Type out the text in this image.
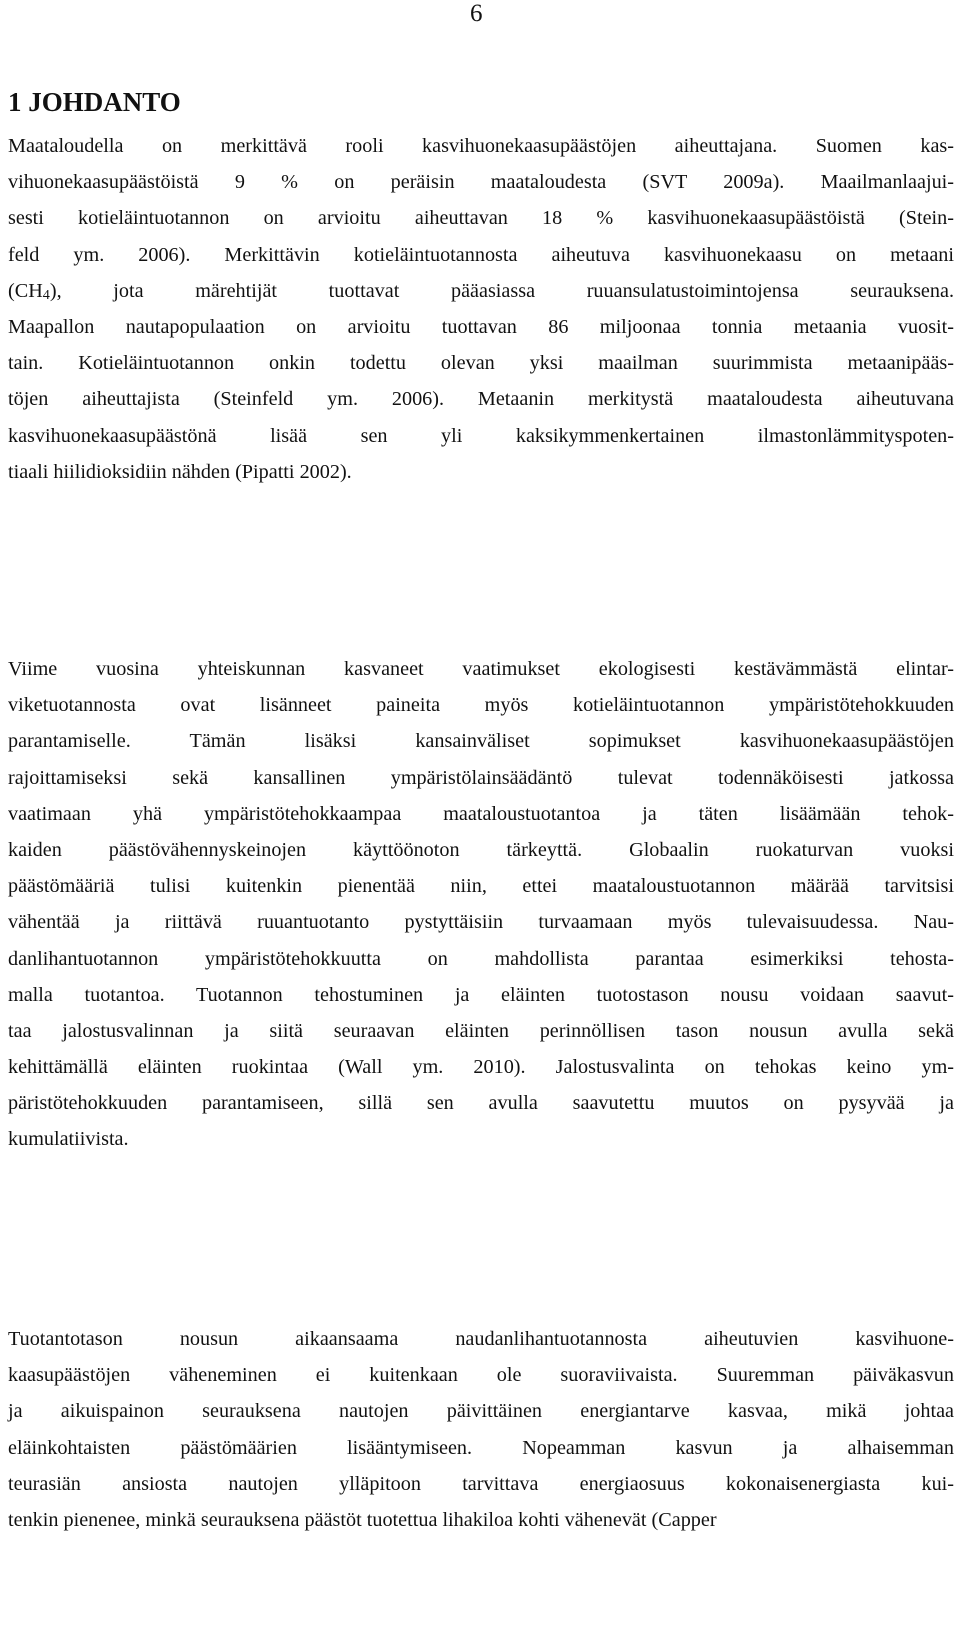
6
1 JOHDANTO
Maataloudella on merkittävä rooli kasvihuonekaasupäästöjen aiheuttajana. Suomen kas-
vihuonekaasupäästöistä 9 % on peräisin maataloudesta (SVT 2009a). Maailmanlaajui-
sesti kotieläintuotannon on arvioitu aiheuttavan 18 % kasvihuonekaasupäästöistä (Stein-
feld ym. 2006). Merkittävin kotieläintuotannosta aiheutuva kasvihuonekaasu on metaani
$(CH_4)$, jota märehtijät tuottavat pääasiassa ruuansulatustoimintojensa seurauksena.
Maapallon nautapopulaation on arvioitu tuottavan 86 miljoonaa tonnia metaania vuosit-
tain. Kotieläintuotannon onkin todettu olevan yksi maailman suurimmista metaanipääs-
töjen aiheuttajista (Steinfeld ym. 2006). Metaanin merkitystä maataloudesta aiheutuvana
kasvihuonekaasupäästönä lisää sen yli kaksikymmenkertainen ilmastonlämmityspoten-
tiaali hiilidioksidiin nähden (Pipatti 2002).
Viime vuosina yhteiskunnan kasvaneet vaatimukset ekologisesti kestävämmästä elintar-
viketuotannosta ovat lisänneet paineita myös kotieläintuotannon ympäristötehokkuuden
parantamiselle. Tämän lisäksi kansainväliset sopimukset kasvihuonekaasupäästöjen
rajoittamiseksi sekä kansallinen ympäristölainsäädäntö tulevat todennäköisesti jatkossa
vaatimaan yhä ympäristötehokkaampaa maataloustuotantoa ja täten lisäämään tehok-
kaiden päästövähennyskeinojen käyttöönoton tärkeyttä. Globaalin ruokaturvan vuoksi
päästömääriä tulisi kuitenkin pienentää niin, ettei maataloustuotannon määrää tarvitsisi
vähentää ja riittävä ruuantuotanto pystyttäisiin turvaamaan myös tulevaisuudessa. Nau-
danlihantuotannon ympäristötehokkuutta on mahdollista parantaa esimerkiksi tehosta-
malla tuotantoa. Tuotannon tehostuminen ja eläinten tuotostason nousu voidaan saavut-
taa jalostusvalinnan ja siitä seuraavan eläinten perinnöllisen tason nousun avulla sekä
kehittämällä eläinten ruokintaa (Wall ym. 2010). Jalostusvalinta on tehokas keino ym-
päristötehokkuuden parantamiseen, sillä sen avulla saavutettu muutos on pysyvää ja
kumulatiivista.
Tuotantotason nousun aikaansaama naudanlihantuotannosta aiheutuvien kasvihuone-
kaasupäästöjen väheneminen ei kuitenkaan ole suoraviivaista. Suuremman päiväkasvun
ja aikuispainon seurauksena nautojen päivittäinen energiantarve kasvaa, mikä johtaa
eläinkohtaisten päästömäärien lisääntymiseen. Nopeamman kasvun ja alhaisemman
teurasiän ansiosta nautojen ylläpitoon tarvittava energiaosuus kokonaisenergiasta kui-
tenkin pienenee, minkä seurauksena päästöt tuotettua lihakiloa kohti vähenevät (Capper
